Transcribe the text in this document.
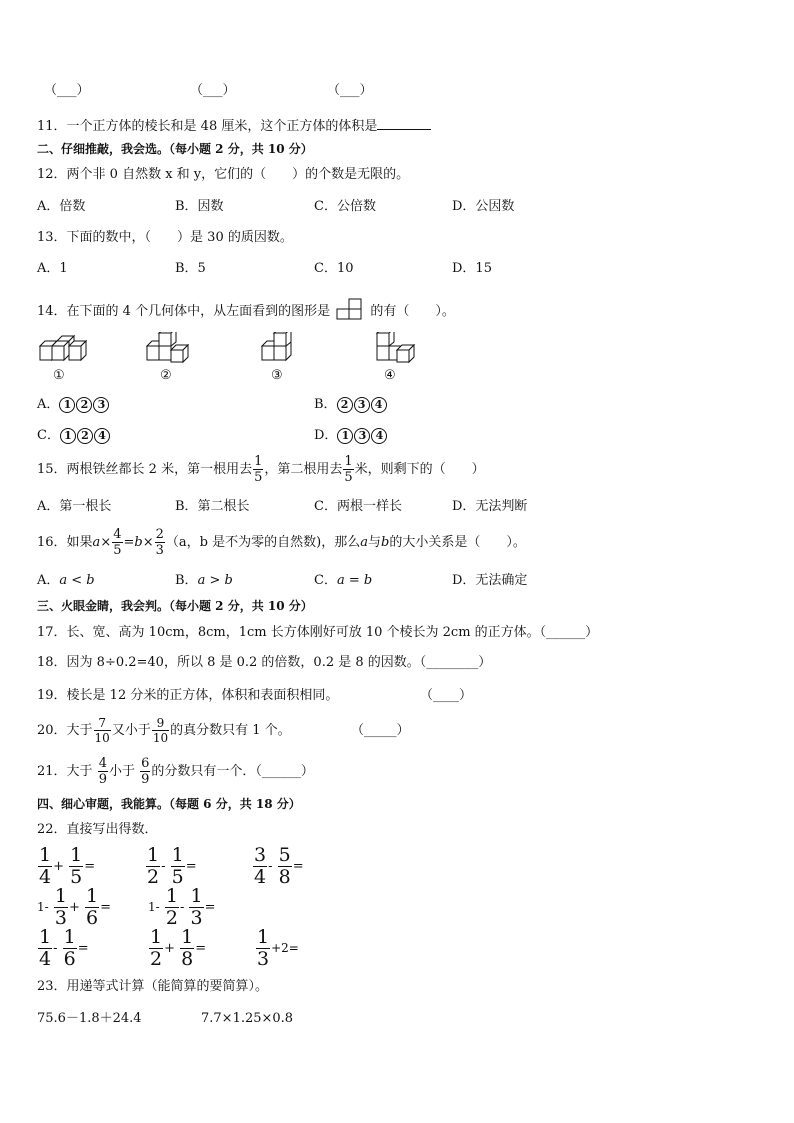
（___）	（___）	（___）
11．一个正方体的棱长和是 48 厘米，这个正方体的体积是
二、仔细推敲，我会选。（每小题 2 分，共 10 分）
12．两个非 0 自然数 x 和 y，它们的（　　）的个数是无限的。
A．倍数	B．因数	C．公倍数	D．公因数
13．下面的数中，（　　）是 30 的质因数。
A．1	B．5	C．10	D．15
14．在下面的 4 个几何体中，从左面看到的图形是	的有（　　）。
①	②	③	④
A． 1 2 3	B． 2 3 4
C． 1 2 4	D． 1 3 4
15．两根铁丝都长 2 米，第一根用去 $\frac{1}{5}$ ，第二根用去 $\frac{1}{5}$ 米，则剩下的（　　）
A．第一根长	B．第二根长	C．两根一样长	D．无法判断
16．如果$a\times \frac{4}{5} =b\times \frac{2}{3} (a$，b 是不为零的自然数)，那么a与b的大小关系是（　　）。
A．a < b	B．a > b	C．a = b	D．无法确定
三、火眼金睛，我会判。（每小题 2 分，共 10 分）
17．长、宽、高为 10cm，8cm，1cm 长方体刚好可放 10 个棱长为 2cm 的正方体。（______）
18．因为 8÷0.2=40，所以 8 是 0.2 的倍数，0.2 是 8 的因数。（________）
19．棱长是 12 分米的正方体，体积和表面积相同。	（____）
20．大于 $\frac{7}{10}$ 又小于 $\frac{9}{10}$ 的真分数只有 1 个。	（_____）
21．大于 $\frac{4}{9}$ 小于 $\frac{6}{9}$ 的分数只有一个．（______）
四、细心审题，我能算。（每题 6 分，共 18 分）
22．直接写出得数．
$\frac{1}{4} + \frac{1}{5}$ =	$\frac{1}{2} - \frac{1}{5}$ =	$\frac{3}{4} - \frac{5}{8}$ =
$1- \frac{1}{3} + \frac{1}{6}$ =	$1- \frac{1}{2} - \frac{1}{3}$ =
$\frac{1}{4} - \frac{1}{6}$ =	$\frac{1}{2} + \frac{1}{8}$ =	$\frac{1}{3} +2=$
23．用递等式计算（能简算的要简算）。
75.6－1.8＋24.4	7.7×1.25×0.8
